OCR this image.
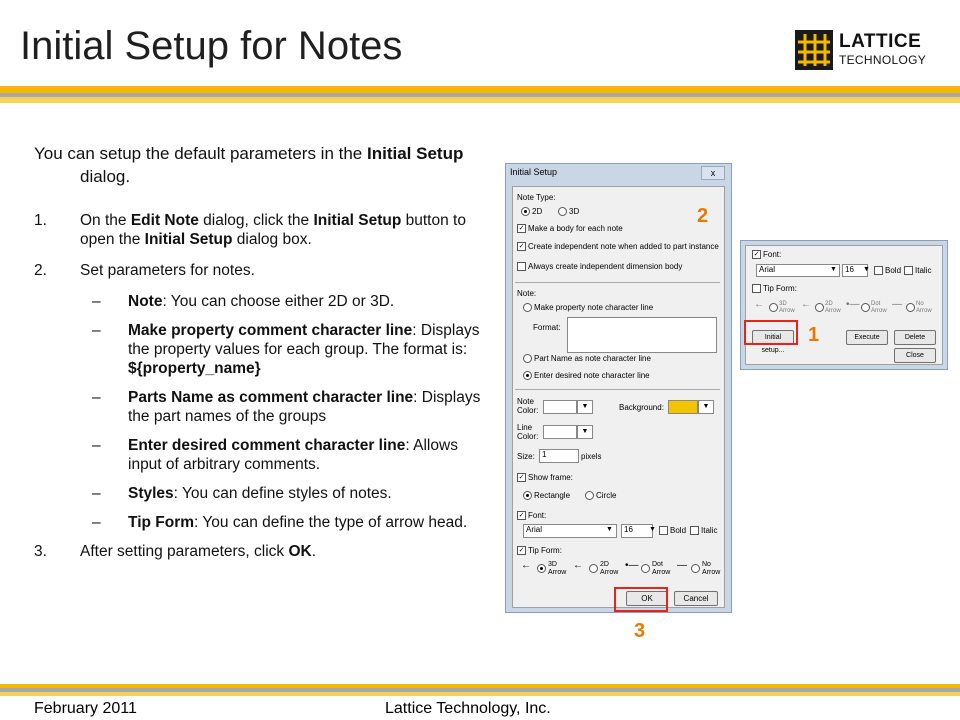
Initial Setup for Notes	LATTICE
TECHNOLOGY

You can setup the default parameters in the Initial Setup dialog.

1. On the Edit Note dialog, click the Initial Setup button to open the Initial Setup dialog box.
2. Set parameters for notes.
– Note: You can choose either 2D or 3D.
– Make property comment character line: Displays the property values for each group. The format is: ${property_name}
– Parts Name as comment character line: Displays the part names of the groups
– Enter desired comment character line: Allows input of arbitrary comments.
– Styles: You can define styles of notes.
– Tip Form: You can define the type of arrow head.
3. After setting parameters, click OK.
Initial Setup	x
Note Type:
2D	3D
✓ Make a body for each note
✓ Create independent note when added to part instance
Always create independent dimension body
Note:
Make property note character line
Format:
Part Name as note character line
Enter desired note character line
Note Color:	▼	Background:	▼
Line Color:
▼
Size: 1	pixels
✓ Show frame:
Rectangle	Circle
✓ Font:
Arial	▼	16	▼ Bold Italic
✓ Tip Form:
← 3D Arrow
← 2D Arrow
•— Dot Arrow
— No Arrow
OK	Cancel
✓ Font:
Arial	▼	16	▼ Bold Italic
Tip Form:
←	3D Arrow
← 2D Arrow
•— Dot Arrow
— No Arrow
Initial setup...
Execute	Delete
Close
2
1
3
February 2011	Lattice Technology, Inc.
